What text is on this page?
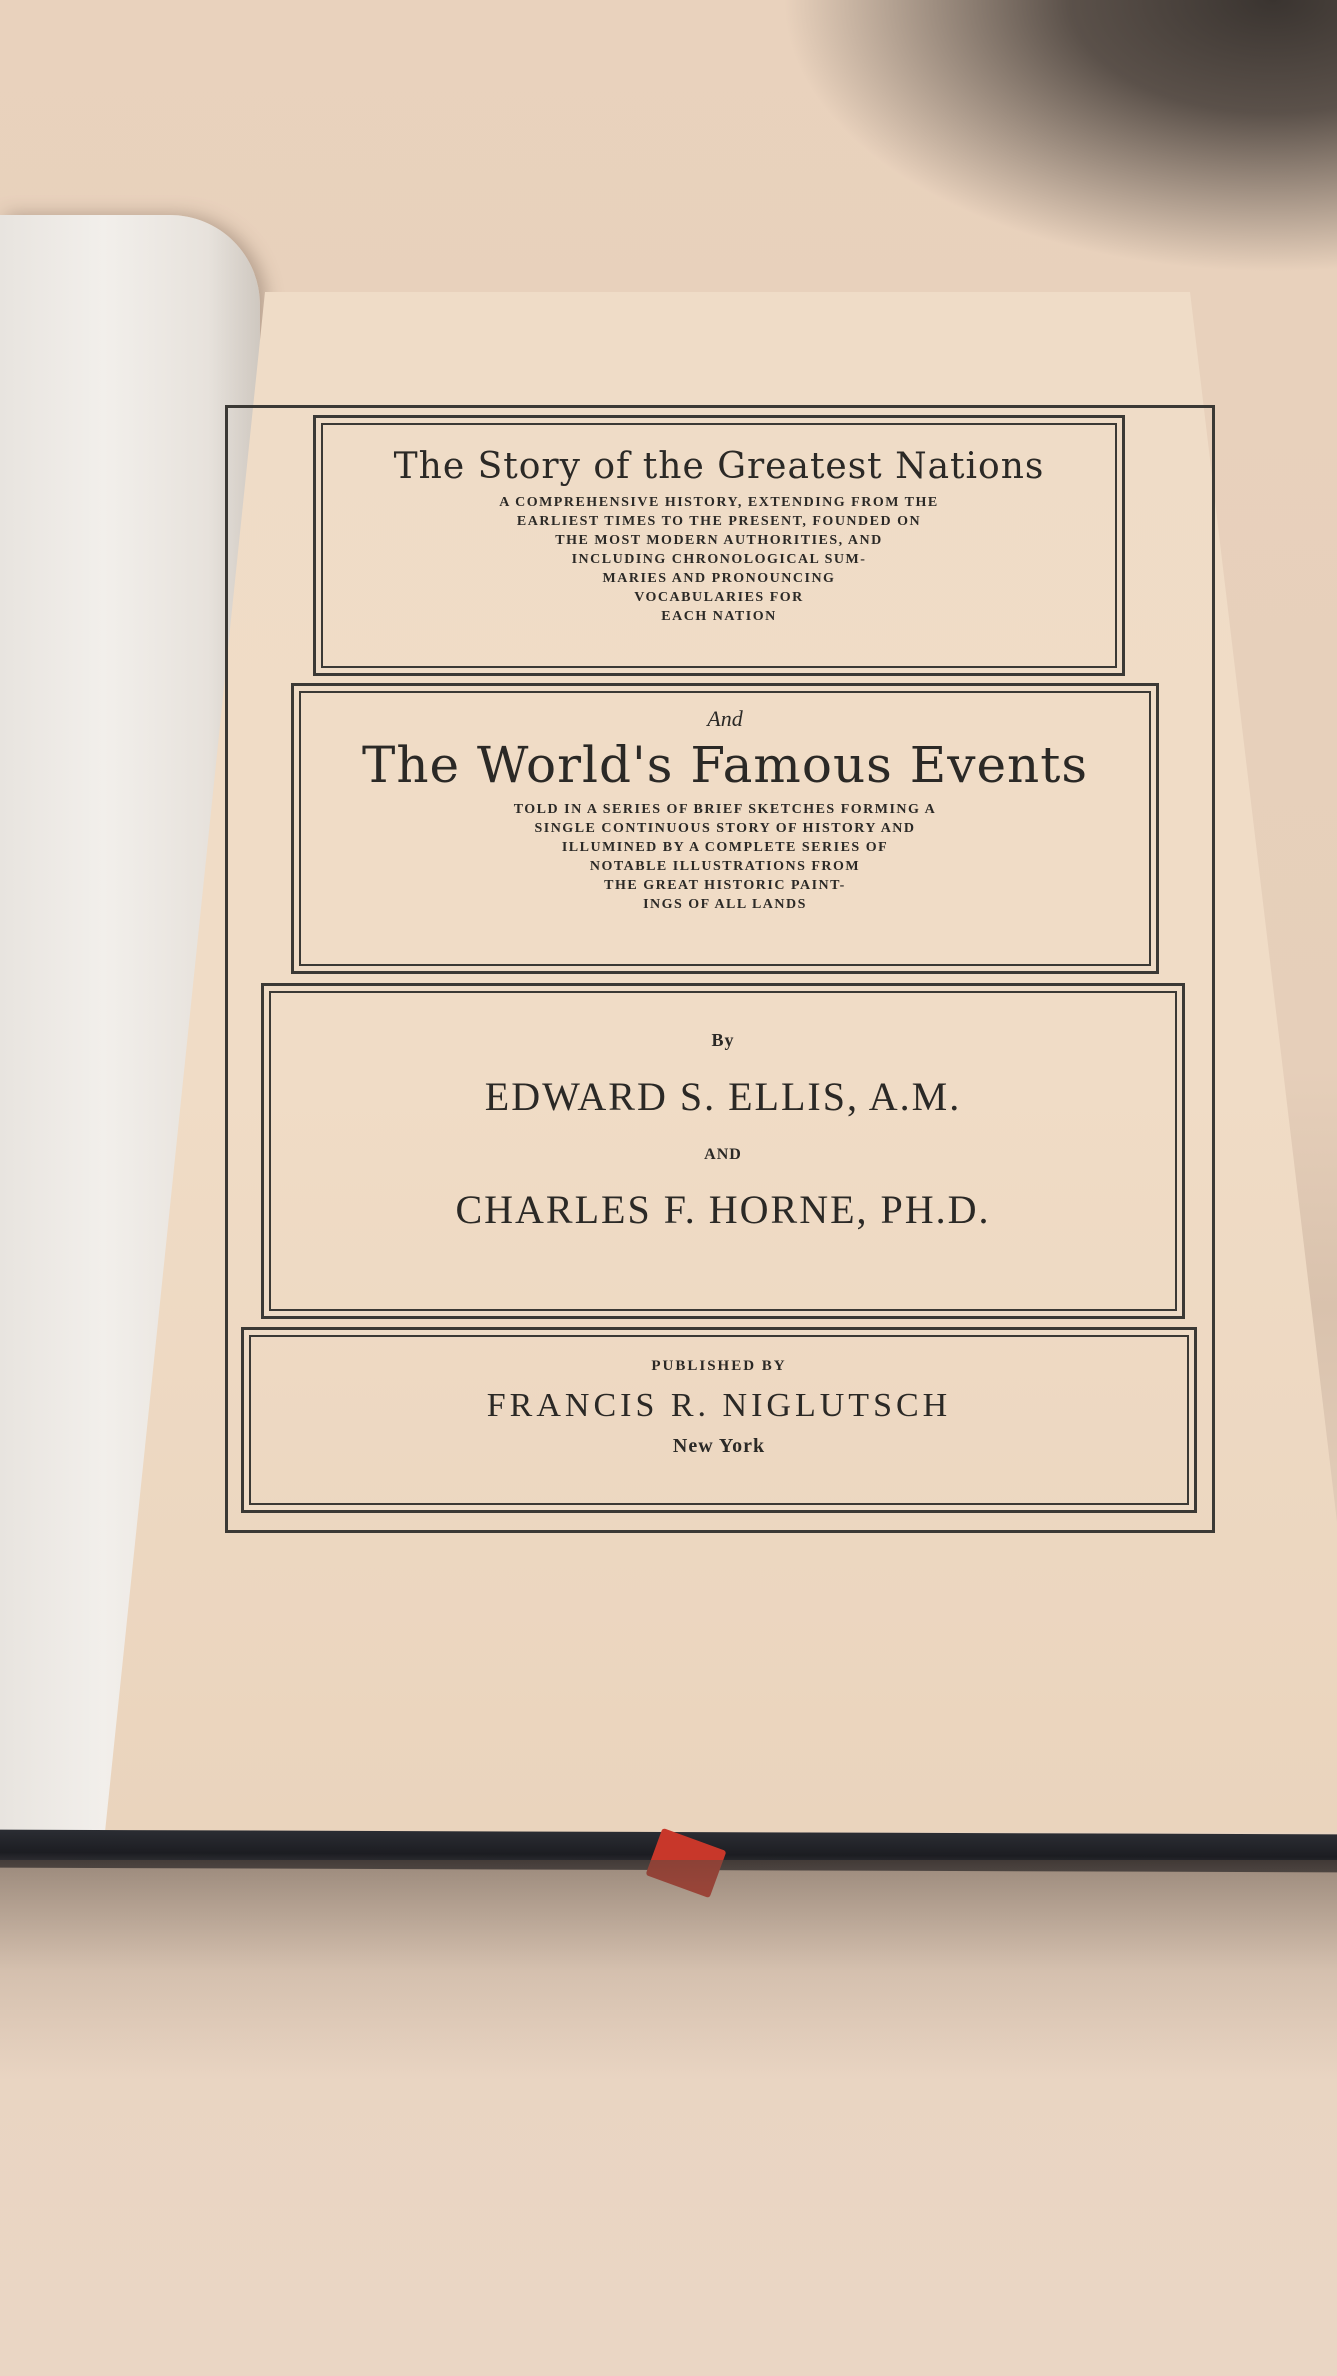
The Story of the Greatest Nations
A COMPREHENSIVE HISTORY, EXTENDING FROM THE
EARLIEST TIMES TO THE PRESENT, FOUNDED ON
THE MOST MODERN AUTHORITIES, AND
INCLUDING CHRONOLOGICAL SUM-
MARIES AND PRONOUNCING
VOCABULARIES FOR
EACH NATION
And
The World's Famous Events
TOLD IN A SERIES OF BRIEF SKETCHES FORMING A
SINGLE CONTINUOUS STORY OF HISTORY AND
ILLUMINED BY A COMPLETE SERIES OF
NOTABLE ILLUSTRATIONS FROM
THE GREAT HISTORIC PAINT-
INGS OF ALL LANDS
By
EDWARD S. ELLIS, A.M.
AND
CHARLES F. HORNE, PH.D.
PUBLISHED BY
FRANCIS R. NIGLUTSCH
New York
